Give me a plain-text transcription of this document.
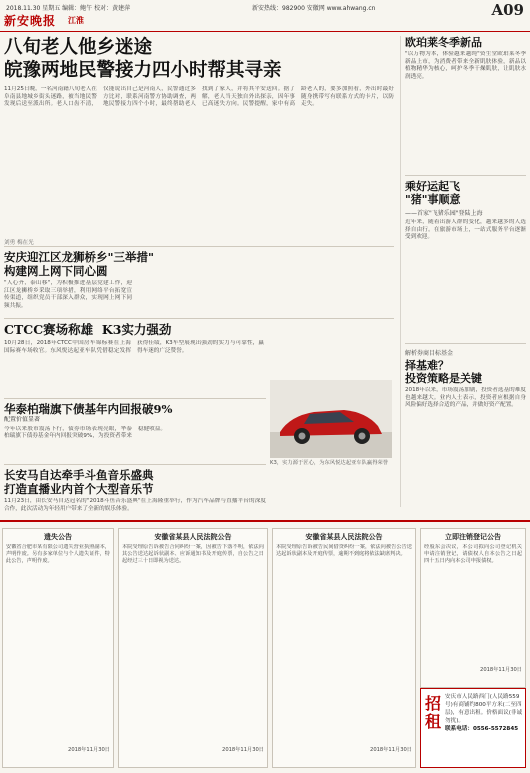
2018.11.30 星期五 编辑：鲍午 校对：黄建萍	新安热线：982900 安徽网 www.ahwang.cn
新安晚报 江淮
A09
八旬老人他乡迷途
皖豫两地民警接力四小时帮其寻亲
11月25日晚，一名河南籍八旬老人在阜南县地城乡街头迷路，被当地民警发现后送至派出所。老人口齿不清，仅能说出自己是河南人，民警通过多方比对，联系河南警方协助调查，两地民警接力四个小时，最终帮助老人找到了家人，并将其平安送回。据了解，老人当天独自外出探亲，因年事已高迷失方向。民警提醒，家中有高龄老人的，要多加照看，外出时最好随身携带写有联系方式的卡片，以防走失。
刘勇 梅在光
欧珀莱冬季新品
"以万物为本，体验越来越纯"资生堂欧珀莱冬季新品上市，为消费者带来全新肌肤体验，新品以植物精华为核心，呵护冬季干燥肌肤，让肌肤水润透亮。
乘好运起飞
"猪"事顺意
——首家"飞猪乐园"登陆上海
近年来，随着出游人群的变化，越来越多的人选择自由行。在旅游市场上，一站式服务平台逐渐受到欢迎。
解析券商目标基金
择基难？
投资策略是关键
2018年以来，市场震荡加剧，投资者选基的难度也越来越大。业内人士表示，投资者应根据自身风险偏好选择合适的产品，并做好资产配置。
安庆迎江区龙狮桥乡"三举措"
构建网上网下同心圆
"人心齐，泰山移"，为积极推进基层党建工作，迎江区龙狮桥乡采取三项举措，利用网络平台拓宽宣传渠道，组织党员干部深入群众，实现网上网下同频共振。
CTCC赛场称雄 K3实力强劲
10月28日，2018年CTCC中国房车锦标赛在上海国际赛车场收官。东风悦达起亚车队凭借稳定发挥获得佳绩，K3车型展现出强劲的实力与可靠性，赢得车迷的广泛赞誉。
K3，实力源于匠心，为东风悦达起亚车队赢得荣誉
华泰柏瑞旗下债基年内回报破9%
配置价值显著
今年以来股市震荡下行，债券市场表现亮眼，华泰柏瑞旗下债券基金年内回报突破9%，为投资者带来稳健收益。
长安马自达牵手斗鱼音乐盛典
打造直播业内首个大型音乐节
11月23日，由长安马自达冠名的"2018斗鱼音乐盛典"在上海隆重举行，作为汽车品牌与直播平台的深度合作，此次活动为年轻用户带来了全新的娱乐体验。
遗失公告
安徽省合肥市某有限公司遗失营业执照副本，声明作废。另有多家单位与个人遗失证件，特此公告，声明作废。
2018年11月30日
安徽省某县人民法院公告
本院受理原告诉被告合同纠纷一案，因被告下落不明，依法向其公告送达起诉状副本、应诉通知书及开庭传票，自公告之日起经过三十日即视为送达。
2018年11月30日
安徽省某县人民法院公告
本院受理原告诉被告民间借贷纠纷一案，依法向被告公告送达起诉状副本及开庭传票，逾期不到庭将依法缺席判决。
2018年11月30日
立即注销登记公告
经股东会决议，本公司拟向公司登记机关申请注销登记，请债权人自本公告之日起四十五日内向本公司申报债权。
2018年11月30日
招租
安庆市人民路西门(人民路559号)有商铺约800平方米(二至四层)，有意出租。价格面议(非诚勿扰)。
联系电话：0556-5572845
